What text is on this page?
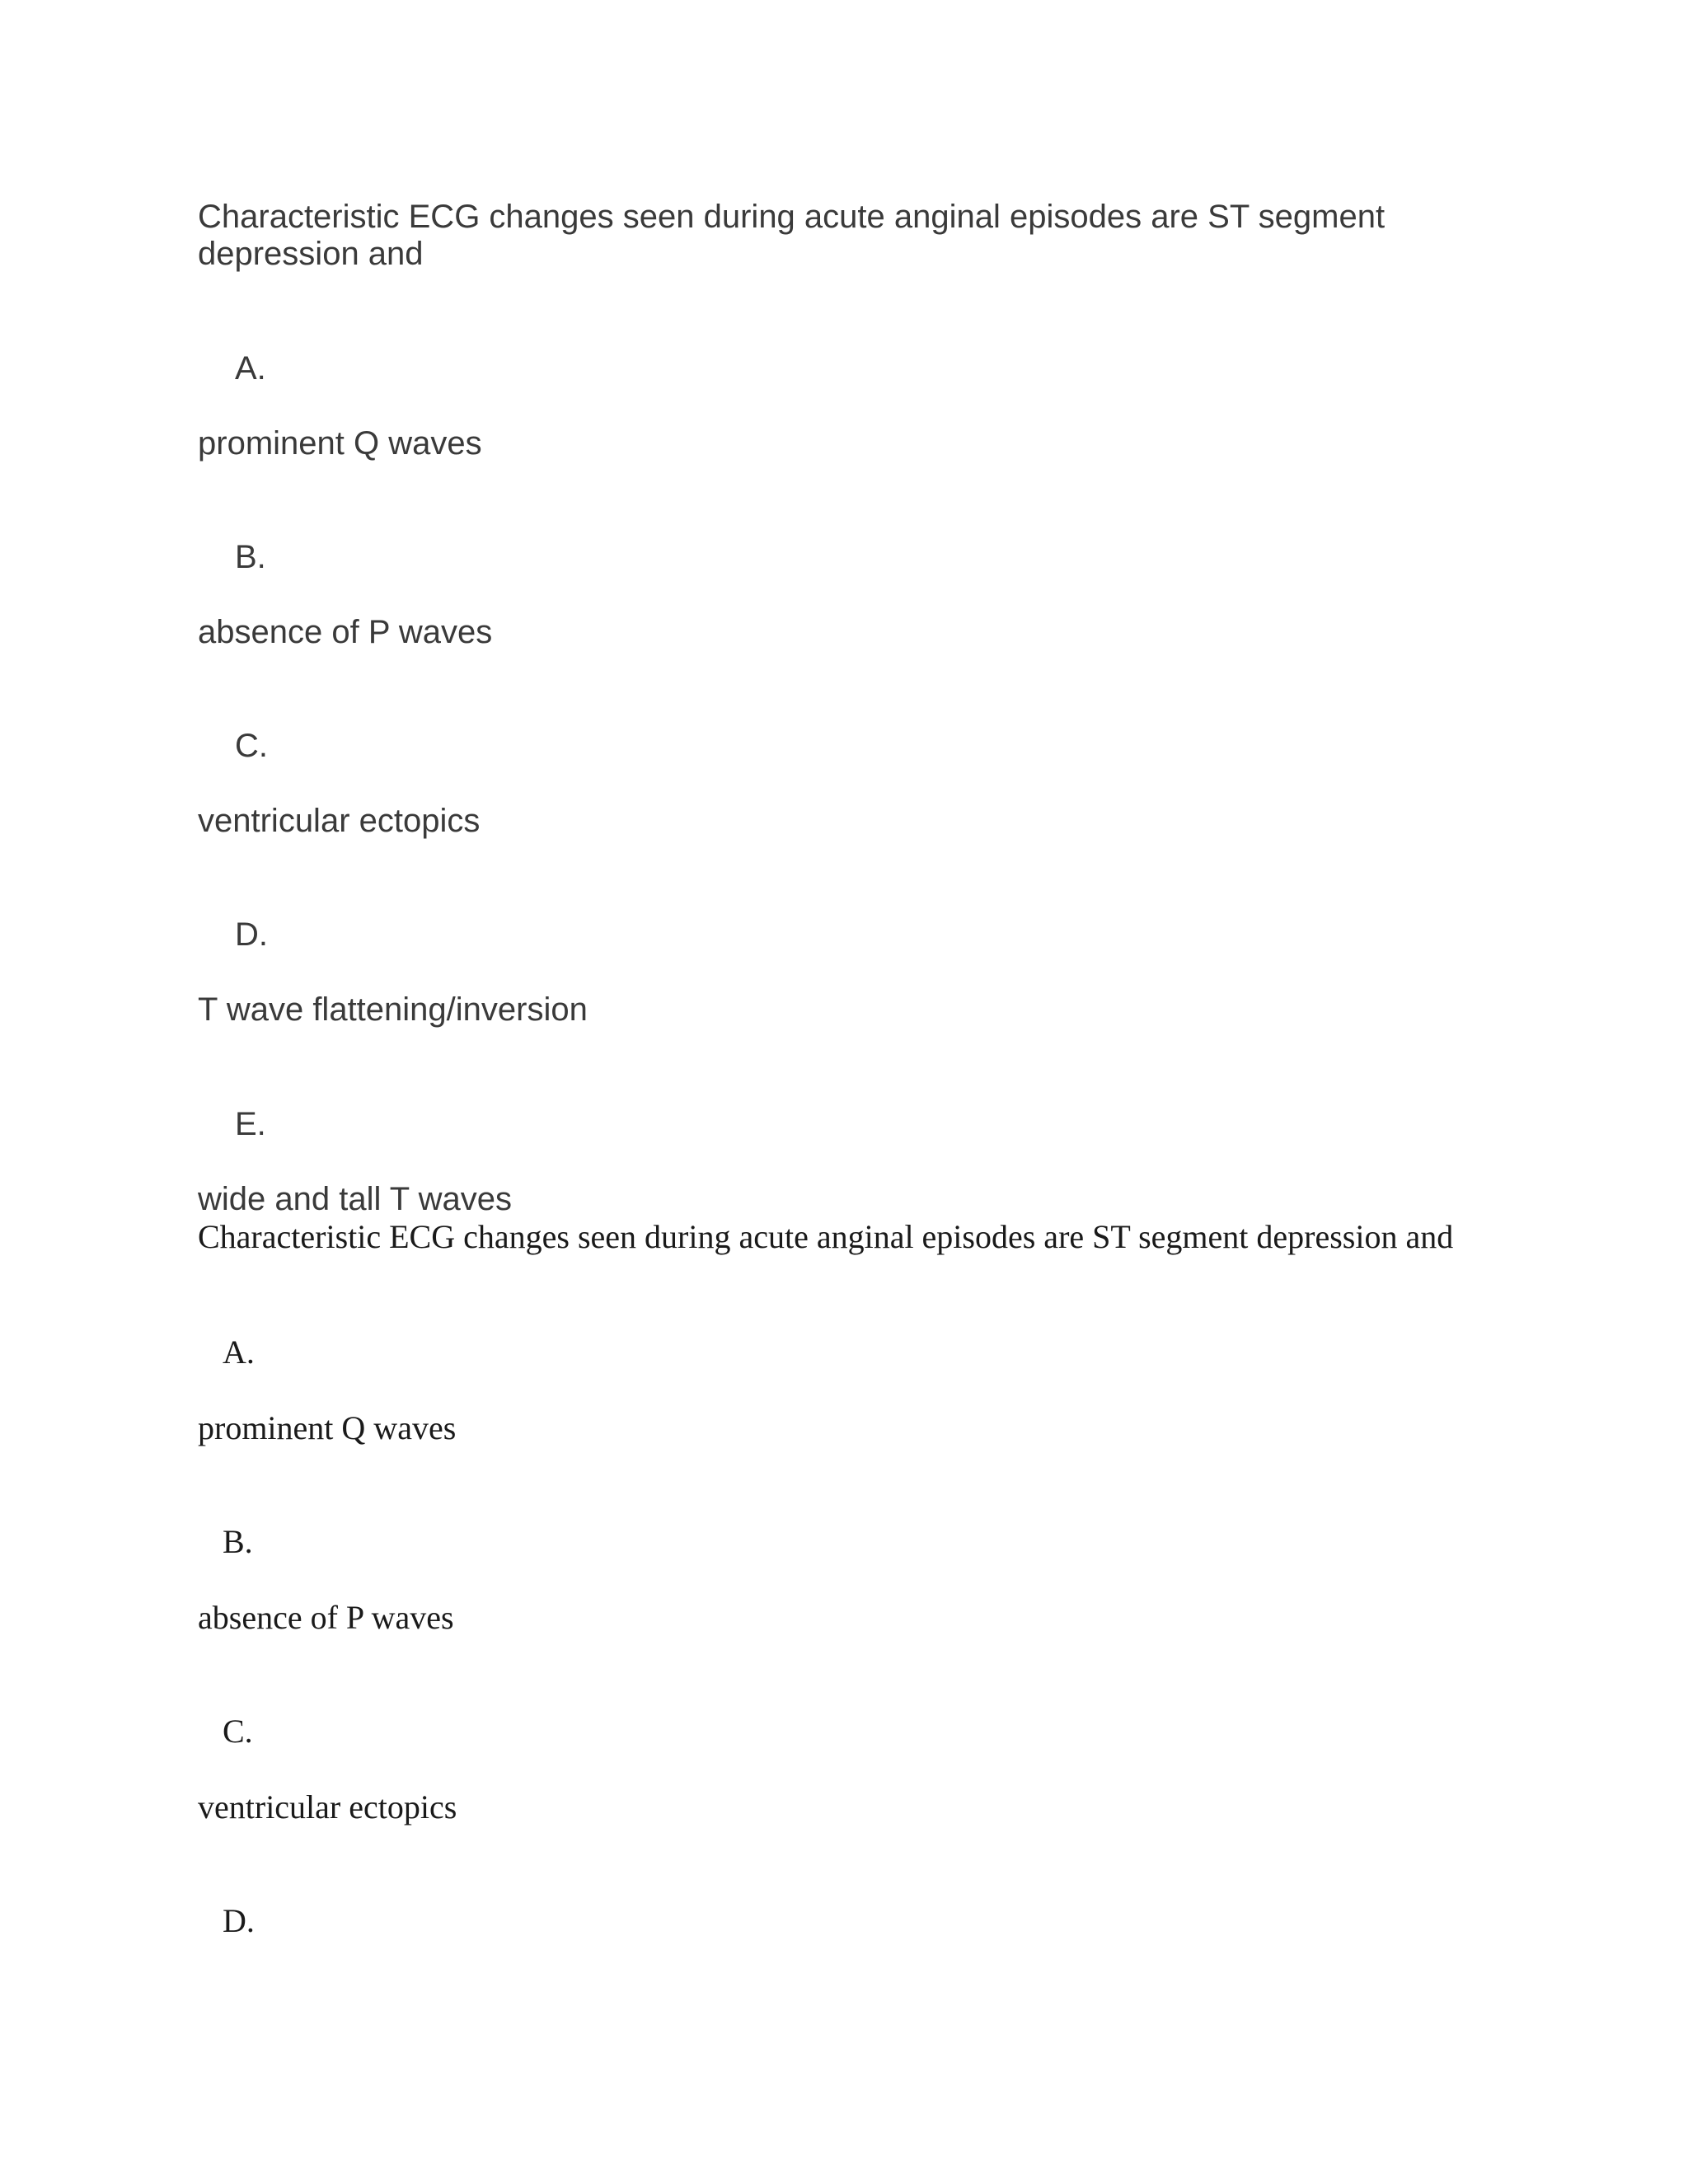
Characteristic ECG changes seen during acute anginal episodes are ST segment

depression and

A.

prominent Q waves

B.

absence of P waves

C.

ventricular ectopics

D.

T wave flattening/inversion

E.

wide and tall T waves

Characteristic ECG changes seen during acute anginal episodes are ST segment depression and

A.

prominent Q waves

B.

absence of P waves

C.

ventricular ectopics

D.
